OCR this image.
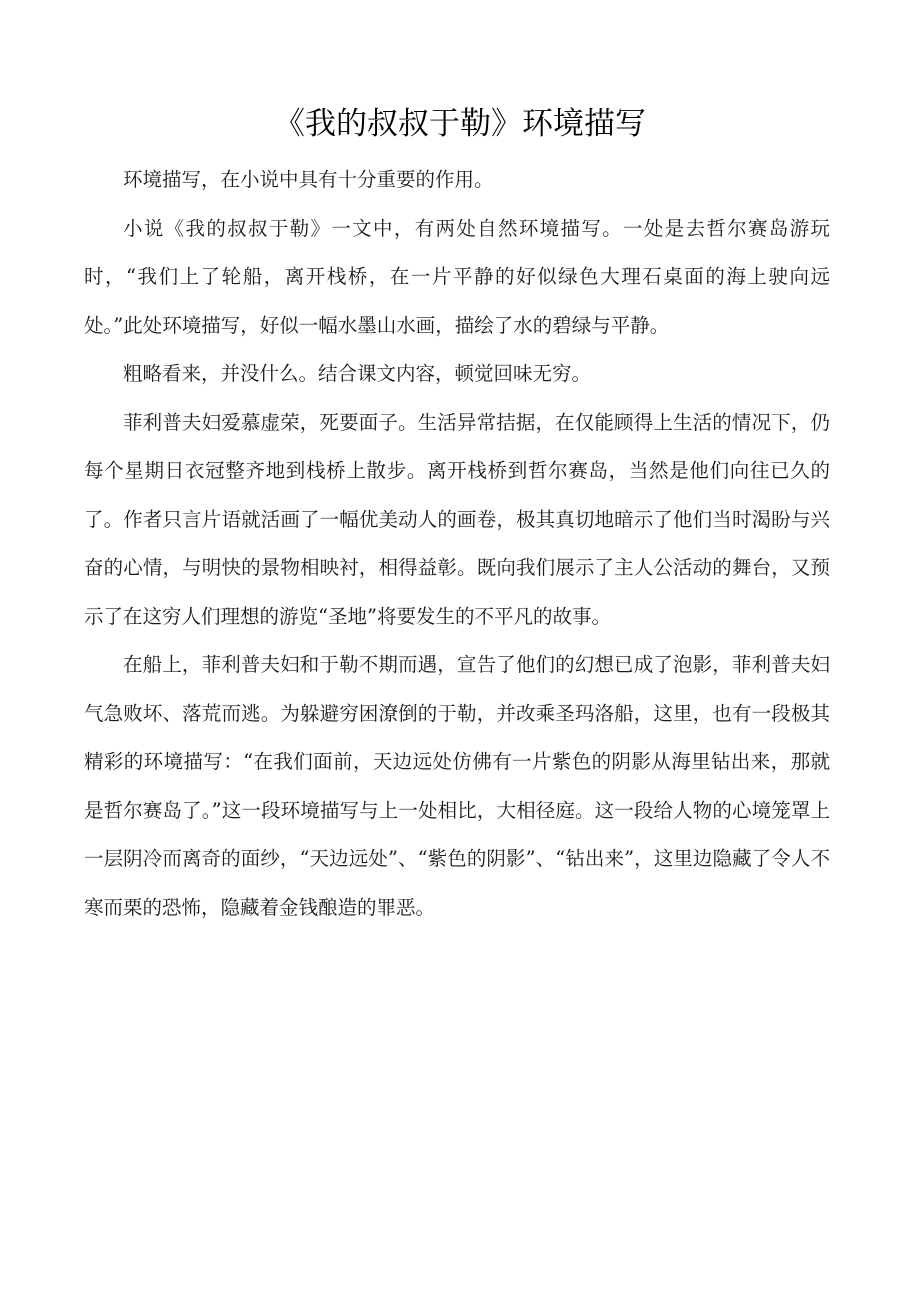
《我的叔叔于勒》环境描写

环境描写，在小说中具有十分重要的作用。

小说《我的叔叔于勒》一文中，有两处自然环境描写。一处是去哲尔赛岛游玩时，“我们上了轮船，离开栈桥，在一片平静的好似绿色大理石桌面的海上驶向远处。”此处环境描写，好似一幅水墨山水画，描绘了水的碧绿与平静。

粗略看来，并没什么。结合课文内容，顿觉回味无穷。

菲利普夫妇爱慕虚荣，死要面子。生活异常拮据，在仅能顾得上生活的情况下，仍每个星期日衣冠整齐地到栈桥上散步。离开栈桥到哲尔赛岛，当然是他们向往已久的了。作者只言片语就活画了一幅优美动人的画卷，极其真切地暗示了他们当时渴盼与兴奋的心情，与明快的景物相映衬，相得益彰。既向我们展示了主人公活动的舞台，又预示了在这穷人们理想的游览“圣地”将要发生的不平凡的故事。

在船上，菲利普夫妇和于勒不期而遇，宣告了他们的幻想已成了泡影，菲利普夫妇气急败坏、落荒而逃。为躲避穷困潦倒的于勒，并改乘圣玛洛船，这里，也有一段极其精彩的环境描写：“在我们面前，天边远处仿佛有一片紫色的阴影从海里钻出来，那就是哲尔赛岛了。”这一段环境描写与上一处相比，大相径庭。这一段给人物的心境笼罩上一层阴冷而离奇的面纱，“天边远处”、“紫色的阴影”、“钻出来”，这里边隐藏了令人不寒而栗的恐怖，隐藏着金钱酿造的罪恶。
